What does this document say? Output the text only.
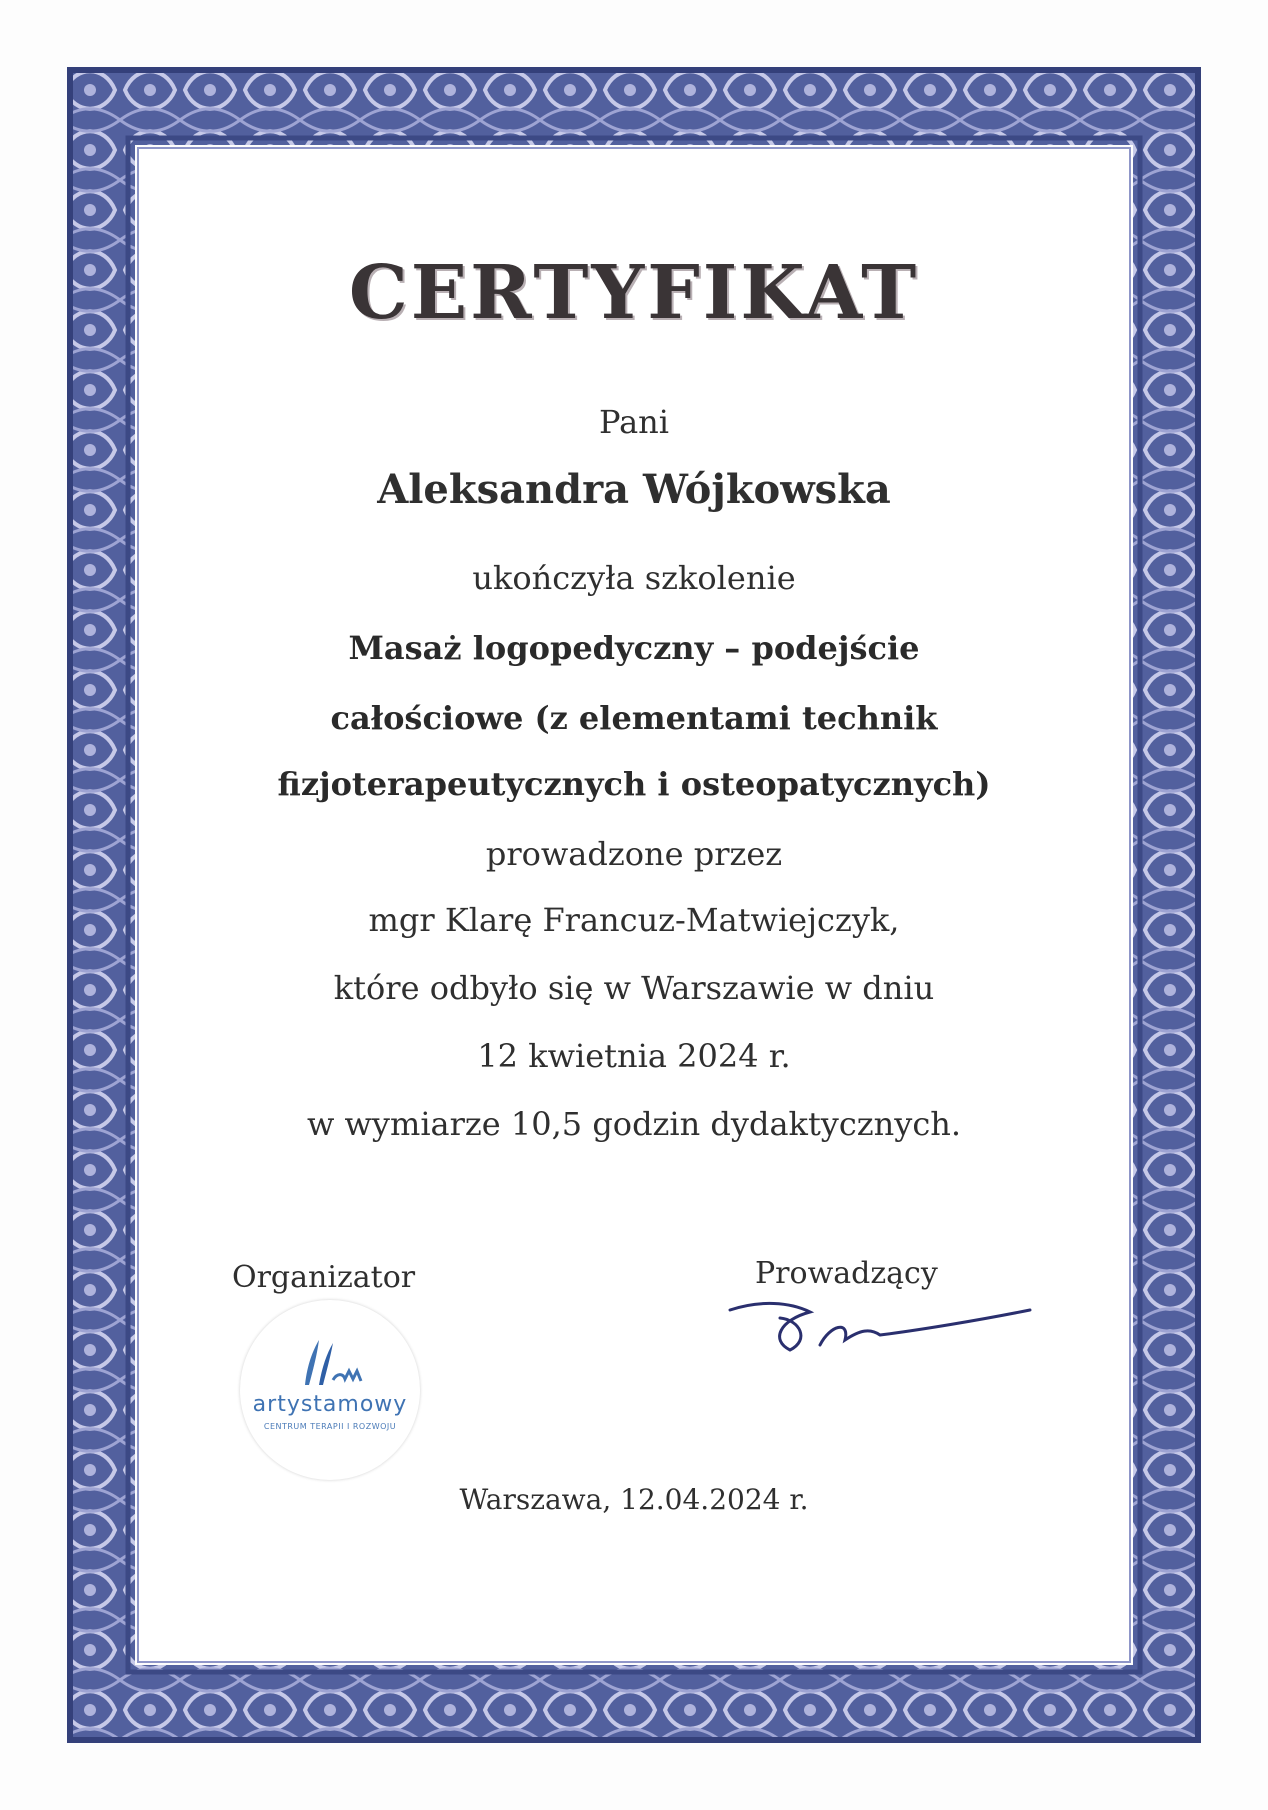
CERTYFIKAT
Pani
Aleksandra Wójkowska
ukończyła szkolenie
Masaż logopedyczny – podejście
całościowe (z elementami technik
fizjoterapeutycznych i osteopatycznych)
prowadzone przez
mgr Klarę Francuz-Matwiejczyk,
które odbyło się w Warszawie w dniu
12 kwietnia 2024 r.
w wymiarze 10,5 godzin dydaktycznych.
Organizator	Prowadzący
artystamowy
CENTRUM TERAPII I ROZWOJU
Warszawa, 12.04.2024 r.
